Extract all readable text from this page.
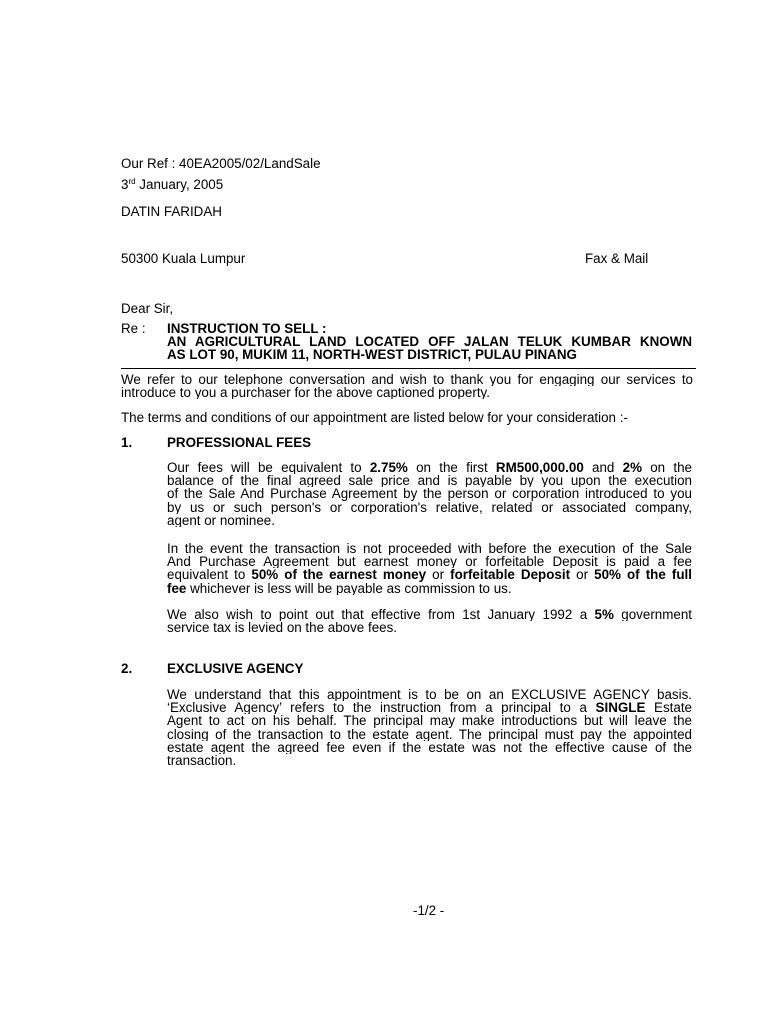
Our Ref : 40EA2005/02/LandSale
3rd January, 2005
DATIN FARIDAH
50300 Kuala Lumpur	Fax & Mail
Dear Sir,
Re : INSTRUCTION TO SELL :
AN AGRICULTURAL LAND LOCATED OFF JALAN TELUK KUMBAR KNOWN
AS LOT 90, MUKIM 11, NORTH-WEST DISTRICT, PULAU PINANG
We refer to our telephone conversation and wish to thank you for engaging our services to
introduce to you a purchaser for the above captioned property.
The terms and conditions of our appointment are listed below for your consideration :-
1.	PROFESSIONAL FEES
Our fees will be equivalent to 2.75% on the first RM500,000.00 and 2% on the
balance of the final agreed sale price and is payable by you upon the execution
of the Sale And Purchase Agreement by the person or corporation introduced to you
by us or such person's or corporation's relative, related or associated company,
agent or nominee.
In the event the transaction is not proceeded with before the execution of the Sale
And Purchase Agreement but earnest money or forfeitable Deposit is paid a fee
equivalent to 50% of the earnest money or forfeitable Deposit or 50% of the full
fee whichever is less will be payable as commission to us.
We also wish to point out that effective from 1st January 1992 a 5% government
service tax is levied on the above fees.
2.	EXCLUSIVE AGENCY
We understand that this appointment is to be on an EXCLUSIVE AGENCY basis.
‘Exclusive Agency’ refers to the instruction from a principal to a SINGLE Estate
Agent to act on his behalf. The principal may make introductions but will leave the
closing of the transaction to the estate agent. The principal must pay the appointed
estate agent the agreed fee even if the estate was not the effective cause of the
transaction.
-1/2 -
